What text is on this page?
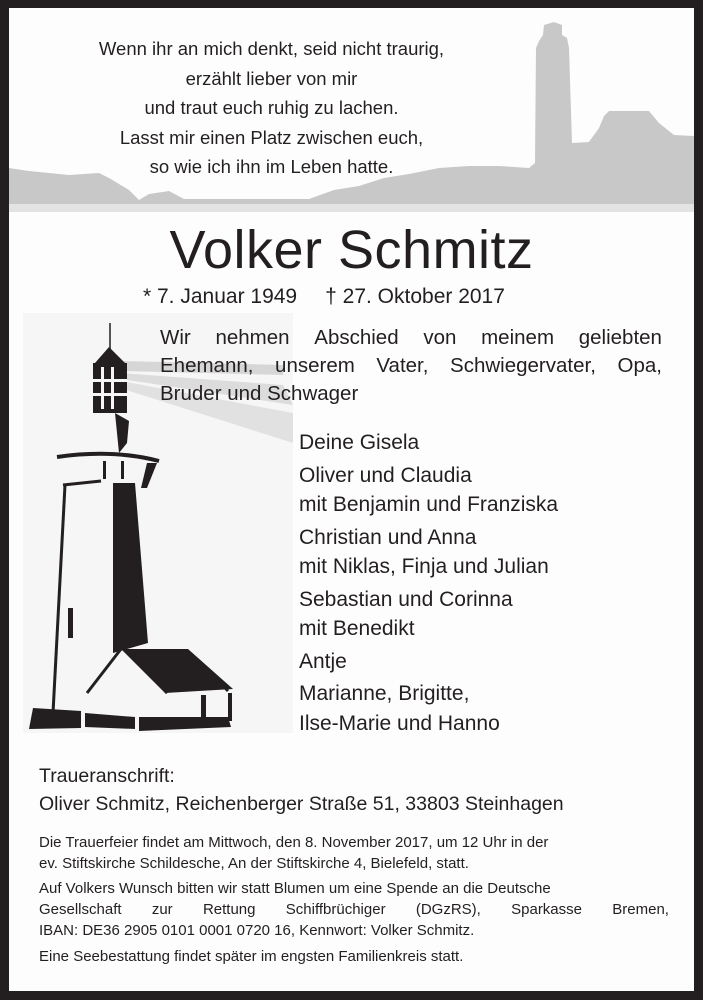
Wenn ihr an mich denkt, seid nicht traurig,
erzählt lieber von mir
und traut euch ruhig zu lachen.
Lasst mir einen Platz zwischen euch,
so wie ich ihn im Leben hatte.
Volker Schmitz
* 7. Januar 1949 † 27. Oktober 2017
Wir nehmen Abschied von meinem geliebten
Ehemann, unserem Vater, Schwiegervater, Opa,
Bruder und Schwager
Deine Gisela
Oliver und Claudia
mit Benjamin und Franziska
Christian und Anna
mit Niklas, Finja und Julian
Sebastian und Corinna
mit Benedikt
Antje
Marianne, Brigitte,
Ilse-Marie und Hanno
Traueranschrift:
Oliver Schmitz, Reichenberger Straße 51, 33803 Steinhagen
Die Trauerfeier findet am Mittwoch, den 8. November 2017, um 12 Uhr in der
ev. Stiftskirche Schildesche, An der Stiftskirche 4, Bielefeld, statt.
Auf Volkers Wunsch bitten wir statt Blumen um eine Spende an die Deutsche
Gesellschaft zur Rettung Schiffbrüchiger (DGzRS), Sparkasse Bremen,
IBAN: DE36 2905 0101 0001 0720 16, Kennwort: Volker Schmitz.
Eine Seebestattung findet später im engsten Familienkreis statt.
